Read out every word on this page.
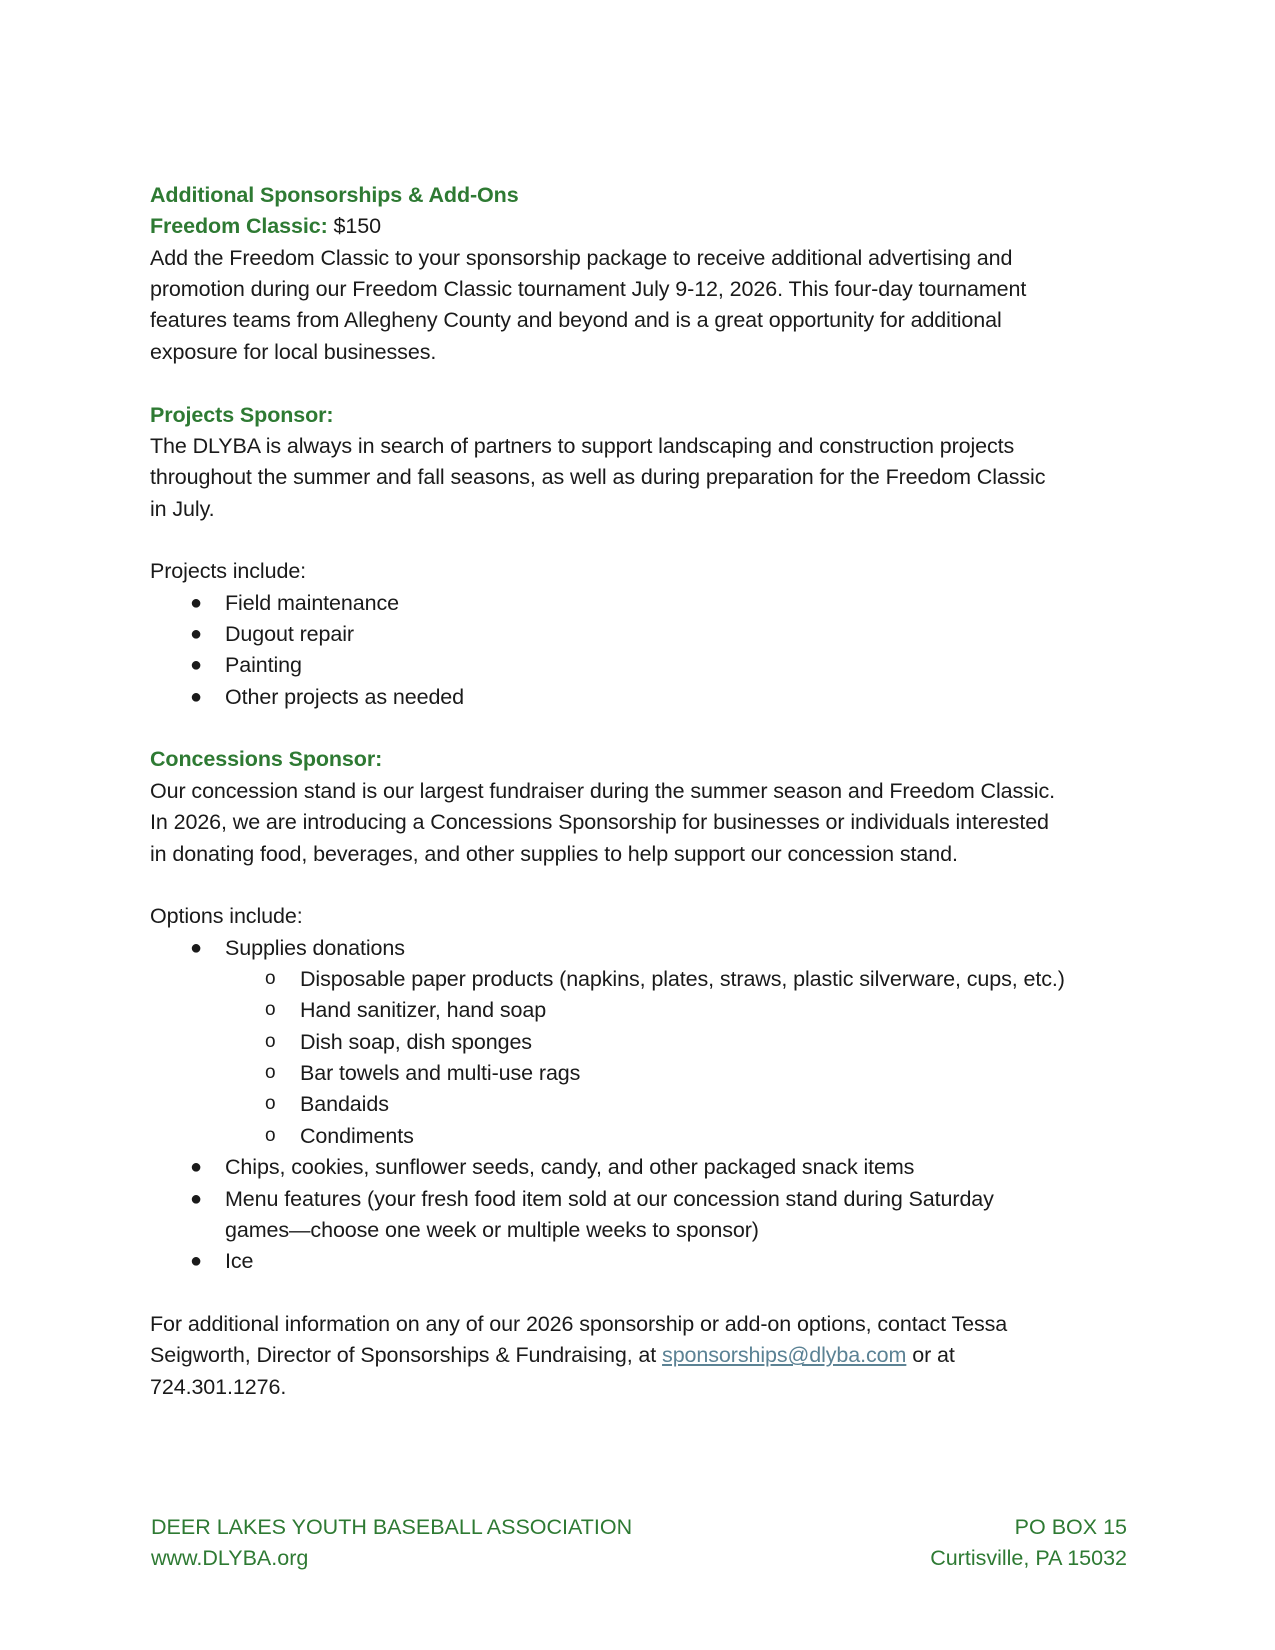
Additional Sponsorships & Add-Ons
Freedom Classic: $150
Add the Freedom Classic to your sponsorship package to receive additional advertising and
promotion during our Freedom Classic tournament July 9-12, 2026. This four-day tournament
features teams from Allegheny County and beyond and is a great opportunity for additional
exposure for local businesses.
Projects Sponsor:
The DLYBA is always in search of partners to support landscaping and construction projects
throughout the summer and fall seasons, as well as during preparation for the Freedom Classic
in July.
Projects include:
● Field maintenance
● Dugout repair
● Painting
● Other projects as needed
Concessions Sponsor:
Our concession stand is our largest fundraiser during the summer season and Freedom Classic.
In 2026, we are introducing a Concessions Sponsorship for businesses or individuals interested
in donating food, beverages, and other supplies to help support our concession stand.
Options include:
● Supplies donations
o Disposable paper products (napkins, plates, straws, plastic silverware, cups, etc.)
o Hand sanitizer, hand soap
o Dish soap, dish sponges
o Bar towels and multi-use rags
o Bandaids
o Condiments
● Chips, cookies, sunflower seeds, candy, and other packaged snack items
● Menu features (your fresh food item sold at our concession stand during Saturday
games—choose one week or multiple weeks to sponsor)
● Ice
For additional information on any of our 2026 sponsorship or add-on options, contact Tessa
Seigworth, Director of Sponsorships & Fundraising, at sponsorships@dlyba.com or at
724.301.1276.
DEER LAKES YOUTH BASEBALL ASSOCIATION	PO BOX 15
www.DLYBA.org	Curtisville, PA 15032
